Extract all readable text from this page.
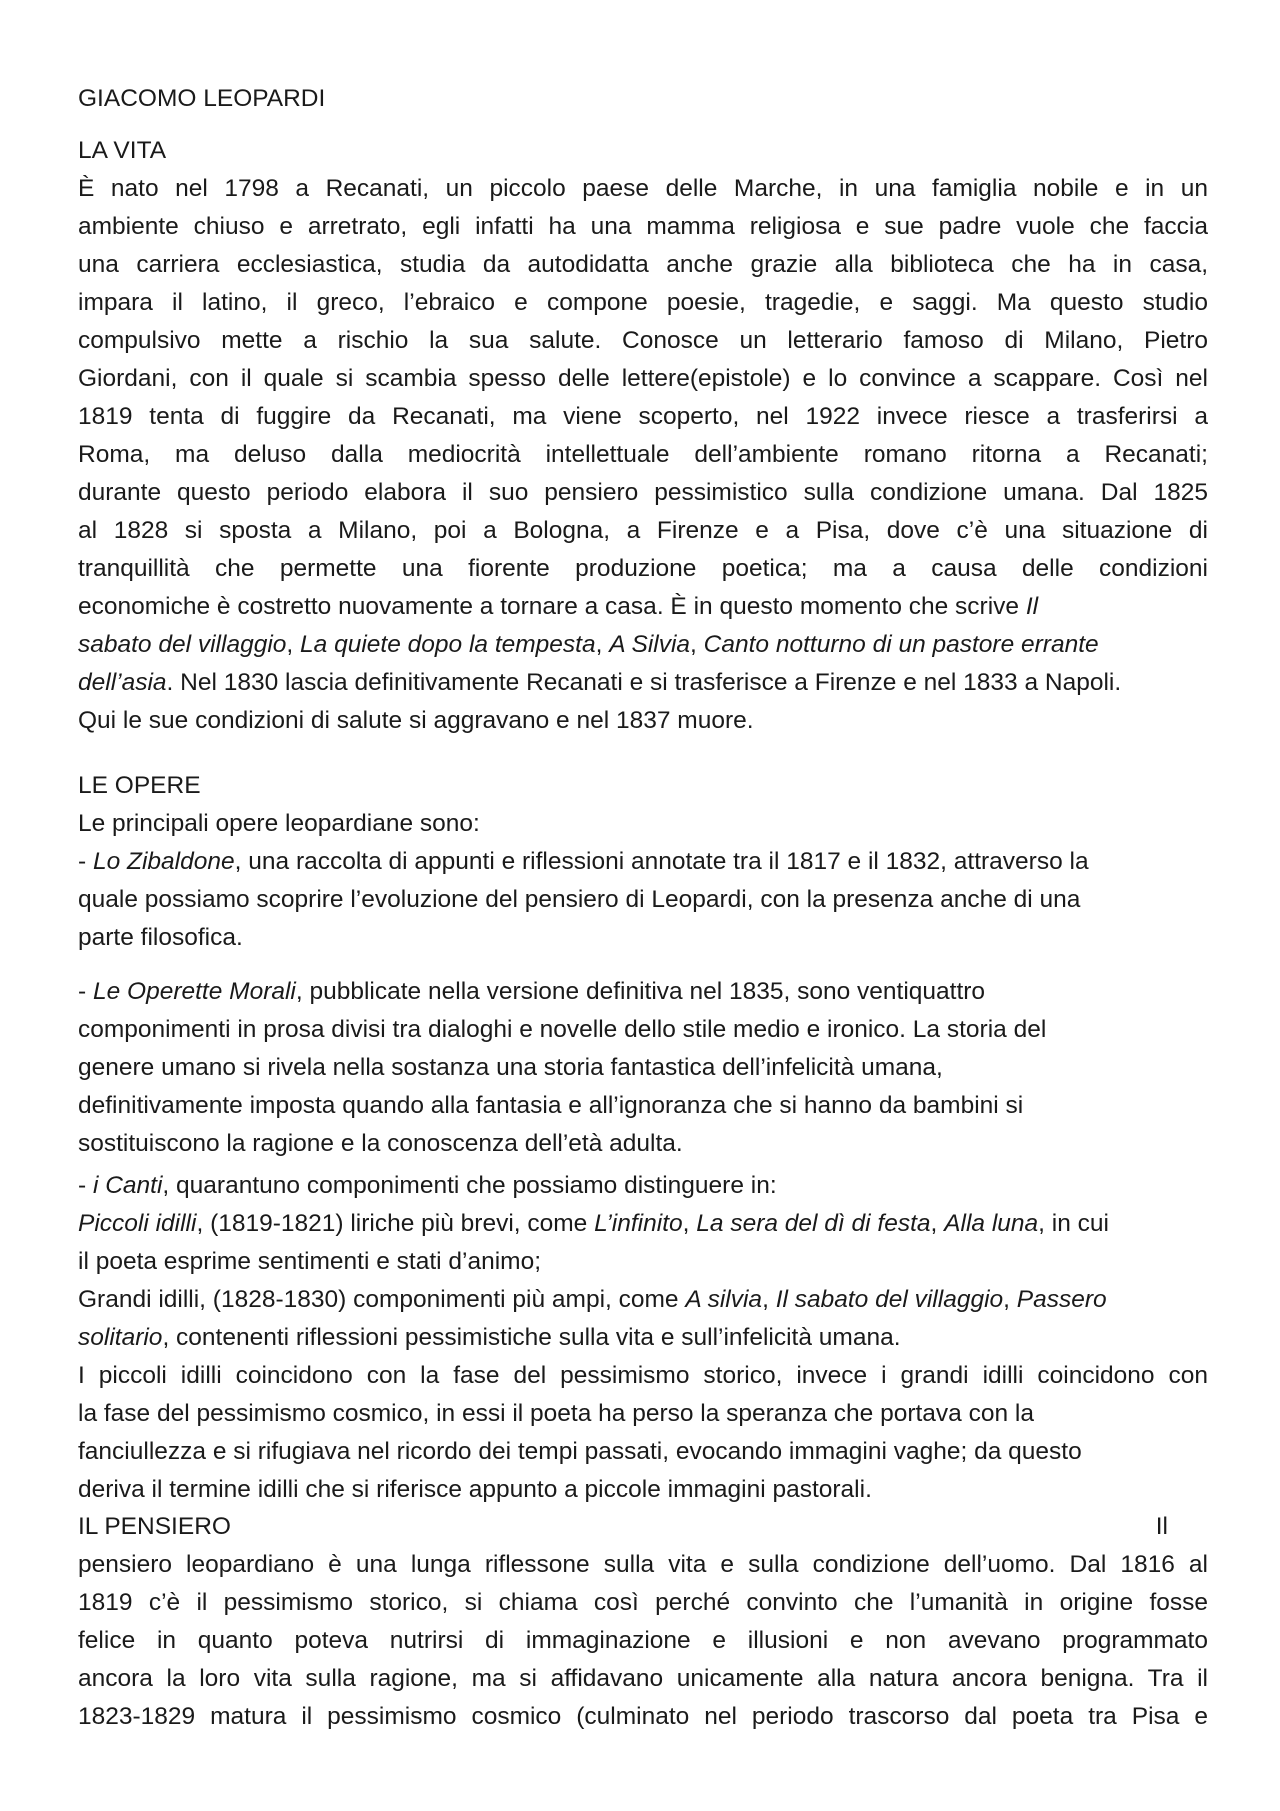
GIACOMO LEOPARDI
LA VITA
È nato nel 1798 a Recanati, un piccolo paese delle Marche, in una famiglia nobile e in un
ambiente chiuso e arretrato, egli infatti ha una mamma religiosa e sue padre vuole che faccia
una carriera ecclesiastica, studia da autodidatta anche grazie alla biblioteca che ha in casa,
impara il latino, il greco, l’ebraico e compone poesie, tragedie, e saggi. Ma questo studio
compulsivo mette a rischio la sua salute. Conosce un letterario famoso di Milano, Pietro
Giordani, con il quale si scambia spesso delle lettere(epistole) e lo convince a scappare. Così nel
1819 tenta di fuggire da Recanati, ma viene scoperto, nel 1922 invece riesce a trasferirsi a
Roma, ma deluso dalla mediocrità intellettuale dell’ambiente romano ritorna a Recanati;
durante questo periodo elabora il suo pensiero pessimistico sulla condizione umana. Dal 1825
al 1828 si sposta a Milano, poi a Bologna, a Firenze e a Pisa, dove c’è una situazione di
tranquillità che permette una fiorente produzione poetica; ma a causa delle condizioni
economiche è costretto nuovamente a tornare a casa. È in questo momento che scrive Il
sabato del villaggio, La quiete dopo la tempesta, A Silvia, Canto notturno di un pastore errante
dell’asia. Nel 1830 lascia definitivamente Recanati e si trasferisce a Firenze e nel 1833 a Napoli.
Qui le sue condizioni di salute si aggravano e nel 1837 muore.
LE OPERE
Le principali opere leopardiane sono:
- Lo Zibaldone, una raccolta di appunti e riflessioni annotate tra il 1817 e il 1832, attraverso la
quale possiamo scoprire l’evoluzione del pensiero di Leopardi, con la presenza anche di una
parte filosofica.
- Le Operette Morali, pubblicate nella versione definitiva nel 1835, sono ventiquattro
componimenti in prosa divisi tra dialoghi e novelle dello stile medio e ironico. La storia del
genere umano si rivela nella sostanza una storia fantastica dell’infelicità umana,
definitivamente imposta quando alla fantasia e all’ignoranza che si hanno da bambini si
sostituiscono la ragione e la conoscenza dell’età adulta.
- i Canti, quarantuno componimenti che possiamo distinguere in:
Piccoli idilli, (1819-1821) liriche più brevi, come L’infinito, La sera del dì di festa, Alla luna, in cui
il poeta esprime sentimenti e stati d’animo;
Grandi idilli, (1828-1830) componimenti più ampi, come A silvia, Il sabato del villaggio, Passero
solitario, contenenti riflessioni pessimistiche sulla vita e sull’infelicità umana.
I piccoli idilli coincidono con la fase del pessimismo storico, invece i grandi idilli coincidono con
la fase del pessimismo cosmico, in essi il poeta ha perso la speranza che portava con la
fanciullezza e si rifugiava nel ricordo dei tempi passati, evocando immagini vaghe; da questo
deriva il termine idilli che si riferisce appunto a piccole immagini pastorali.
IL PENSIERO	Il
pensiero leopardiano è una lunga riflessone sulla vita e sulla condizione dell’uomo. Dal 1816 al
1819 c’è il pessimismo storico, si chiama così perché convinto che l’umanità in origine fosse
felice in quanto poteva nutrirsi di immaginazione e illusioni e non avevano programmato
ancora la loro vita sulla ragione, ma si affidavano unicamente alla natura ancora benigna. Tra il
1823-1829 matura il pessimismo cosmico (culminato nel periodo trascorso dal poeta tra Pisa e
